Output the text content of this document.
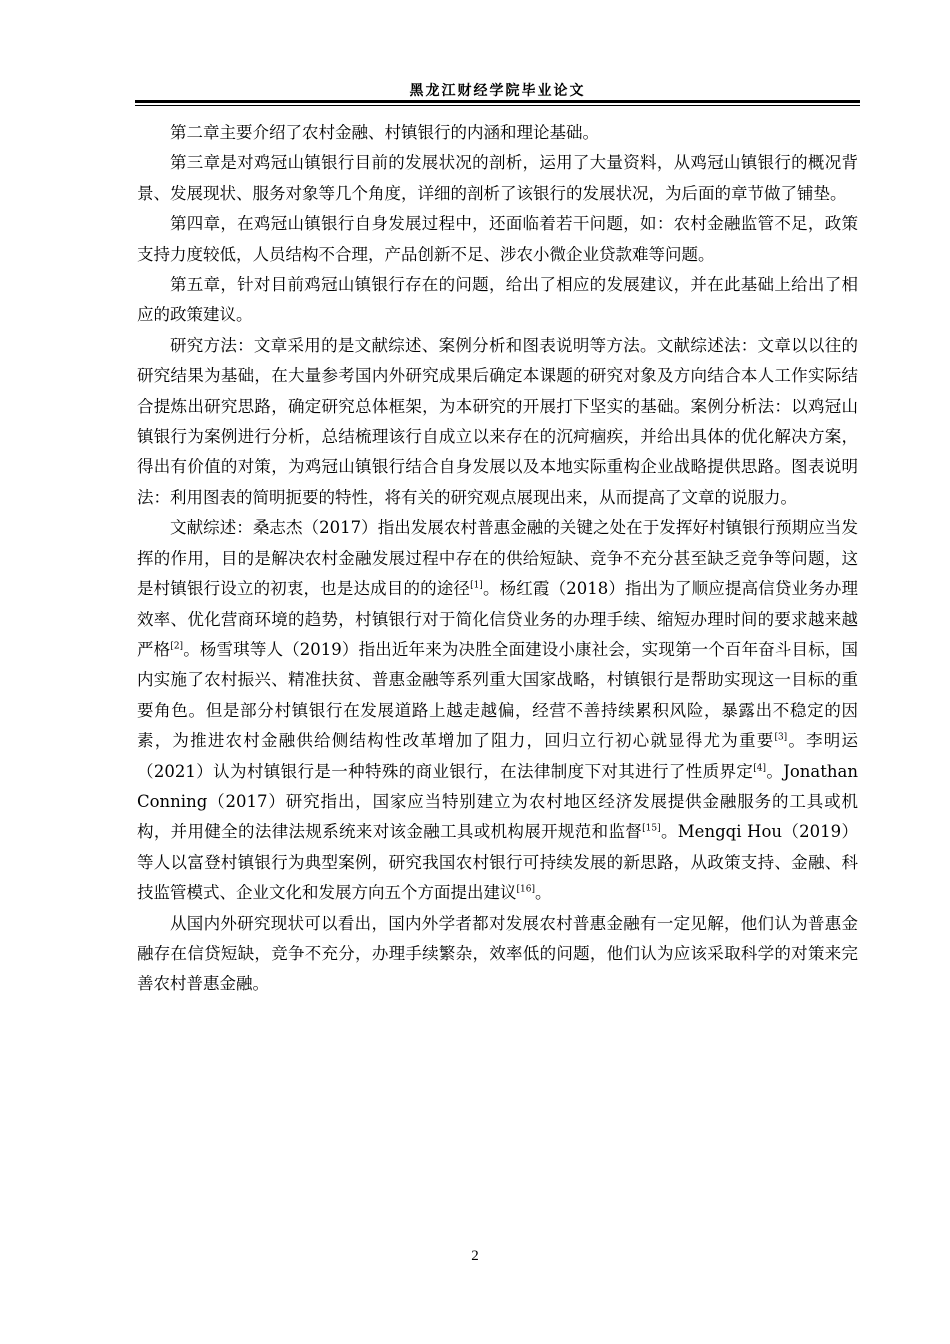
黑龙江财经学院毕业论文

第二章主要介绍了农村金融、村镇银行的内涵和理论基础。

第三章是对鸡冠山镇银行目前的发展状况的剖析，运用了大量资料，从鸡冠山镇银行的概况背景、发展现状、服务对象等几个角度，详细的剖析了该银行的发展状况，为后面的章节做了铺垫。

第四章，在鸡冠山镇银行自身发展过程中，还面临着若干问题，如：农村金融监管不足，政策支持力度较低，人员结构不合理，产品创新不足、涉农小微企业贷款难等问题。

第五章，针对目前鸡冠山镇银行存在的问题，给出了相应的发展建议，并在此基础上给出了相应的政策建议。

研究方法：文章采用的是文献综述、案例分析和图表说明等方法。文献综述法：文章以以往的研究结果为基础，在大量参考国内外研究成果后确定本课题的研究对象及方向结合本人工作实际结合提炼出研究思路，确定研究总体框架，为本研究的开展打下坚实的基础。案例分析法：以鸡冠山镇银行为案例进行分析，总结梳理该行自成立以来存在的沉疴痼疾，并给出具体的优化解决方案，得出有价值的对策，为鸡冠山镇银行结合自身发展以及本地实际重构企业战略提供思路。图表说明法：利用图表的简明扼要的特性，将有关的研究观点展现出来，从而提高了文章的说服力。

文献综述：桑志杰（2017）指出发展农村普惠金融的关键之处在于发挥好村镇银行预期应当发挥的作用，目的是解决农村金融发展过程中存在的供给短缺、竞争不充分甚至缺乏竞争等问题，这是村镇银行设立的初衷，也是达成目的的途径[1]。杨红霞（2018）指出为了顺应提高信贷业务办理效率、优化营商环境的趋势，村镇银行对于简化信贷业务的办理手续、缩短办理时间的要求越来越严格[2]。杨雪琪等人（2019）指出近年来为决胜全面建设小康社会，实现第一个百年奋斗目标，国内实施了农村振兴、精准扶贫、普惠金融等系列重大国家战略，村镇银行是帮助实现这一目标的重要角色。但是部分村镇银行在发展道路上越走越偏，经营不善持续累积风险，暴露出不稳定的因素，为推进农村金融供给侧结构性改革增加了阻力，回归立行初心就显得尤为重要[3]。李明运（2021）认为村镇银行是一种特殊的商业银行，在法律制度下对其进行了性质界定[4]。Jonathan Conning（2017）研究指出，国家应当特别建立为农村地区经济发展提供金融服务的工具或机构，并用健全的法律法规系统来对该金融工具或机构展开规范和监督[15]。Mengqi Hou（2019）等人以富登村镇银行为典型案例，研究我国农村银行可持续发展的新思路，从政策支持、金融、科技监管模式、企业文化和发展方向五个方面提出建议[16]。

从国内外研究现状可以看出，国内外学者都对发展农村普惠金融有一定见解，他们认为普惠金融存在信贷短缺，竞争不充分，办理手续繁杂，效率低的问题，他们认为应该采取科学的对策来完善农村普惠金融。

2
